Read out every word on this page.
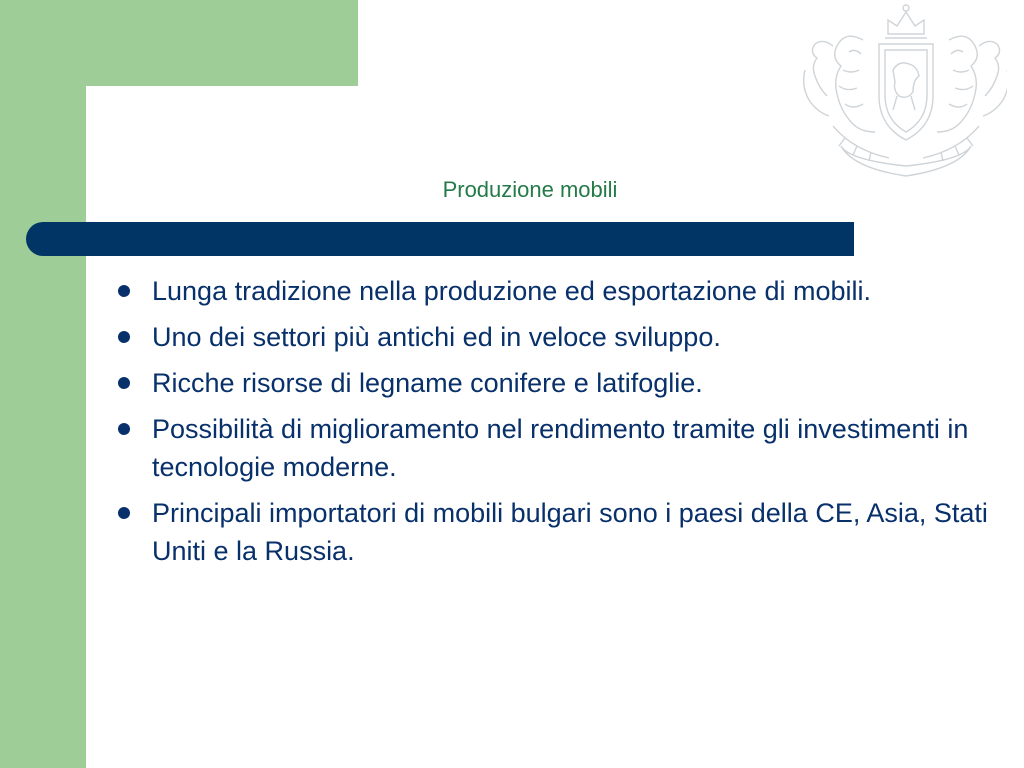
Produzione mobili
Lunga tradizione nella produzione ed esportazione di mobili.
Uno dei settori più antichi ed in veloce sviluppo.
Ricche risorse di legname conifere e latifoglie.
Possibilità di miglioramento nel rendimento tramite gli investimenti in tecnologie moderne.
Principali importatori di mobili bulgari sono i paesi della CE, Asia, Stati Uniti e la Russia.
